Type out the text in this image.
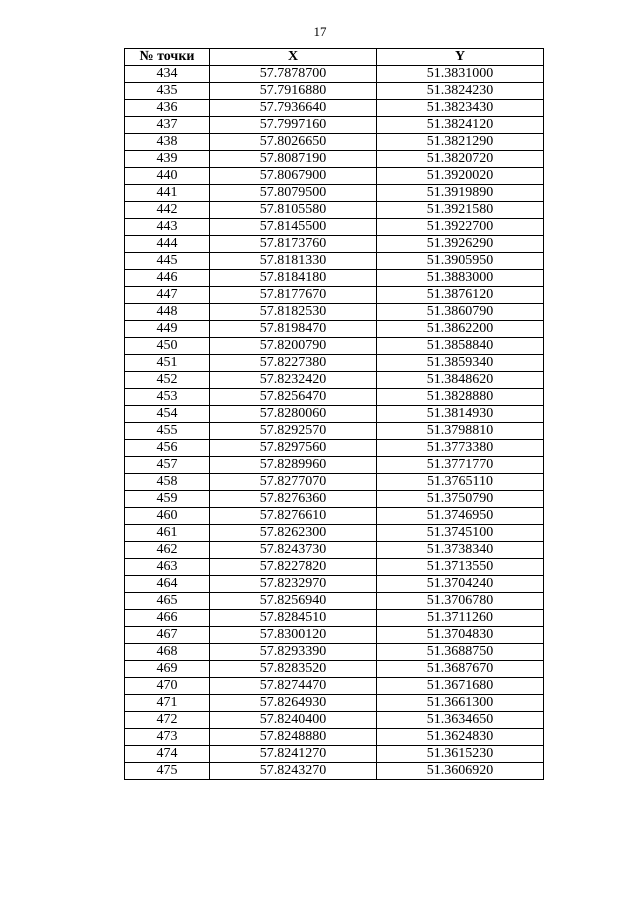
17
№ точки	X	Y
434	57.7878700	51.3831000
435	57.7916880	51.3824230
436	57.7936640	51.3823430
437	57.7997160	51.3824120
438	57.8026650	51.3821290
439	57.8087190	51.3820720
440	57.8067900	51.3920020
441	57.8079500	51.3919890
442	57.8105580	51.3921580
443	57.8145500	51.3922700
444	57.8173760	51.3926290
445	57.8181330	51.3905950
446	57.8184180	51.3883000
447	57.8177670	51.3876120
448	57.8182530	51.3860790
449	57.8198470	51.3862200
450	57.8200790	51.3858840
451	57.8227380	51.3859340
452	57.8232420	51.3848620
453	57.8256470	51.3828880
454	57.8280060	51.3814930
455	57.8292570	51.3798810
456	57.8297560	51.3773380
457	57.8289960	51.3771770
458	57.8277070	51.3765110
459	57.8276360	51.3750790
460	57.8276610	51.3746950
461	57.8262300	51.3745100
462	57.8243730	51.3738340
463	57.8227820	51.3713550
464	57.8232970	51.3704240
465	57.8256940	51.3706780
466	57.8284510	51.3711260
467	57.8300120	51.3704830
468	57.8293390	51.3688750
469	57.8283520	51.3687670
470	57.8274470	51.3671680
471	57.8264930	51.3661300
472	57.8240400	51.3634650
473	57.8248880	51.3624830
474	57.8241270	51.3615230
475	57.8243270	51.3606920
